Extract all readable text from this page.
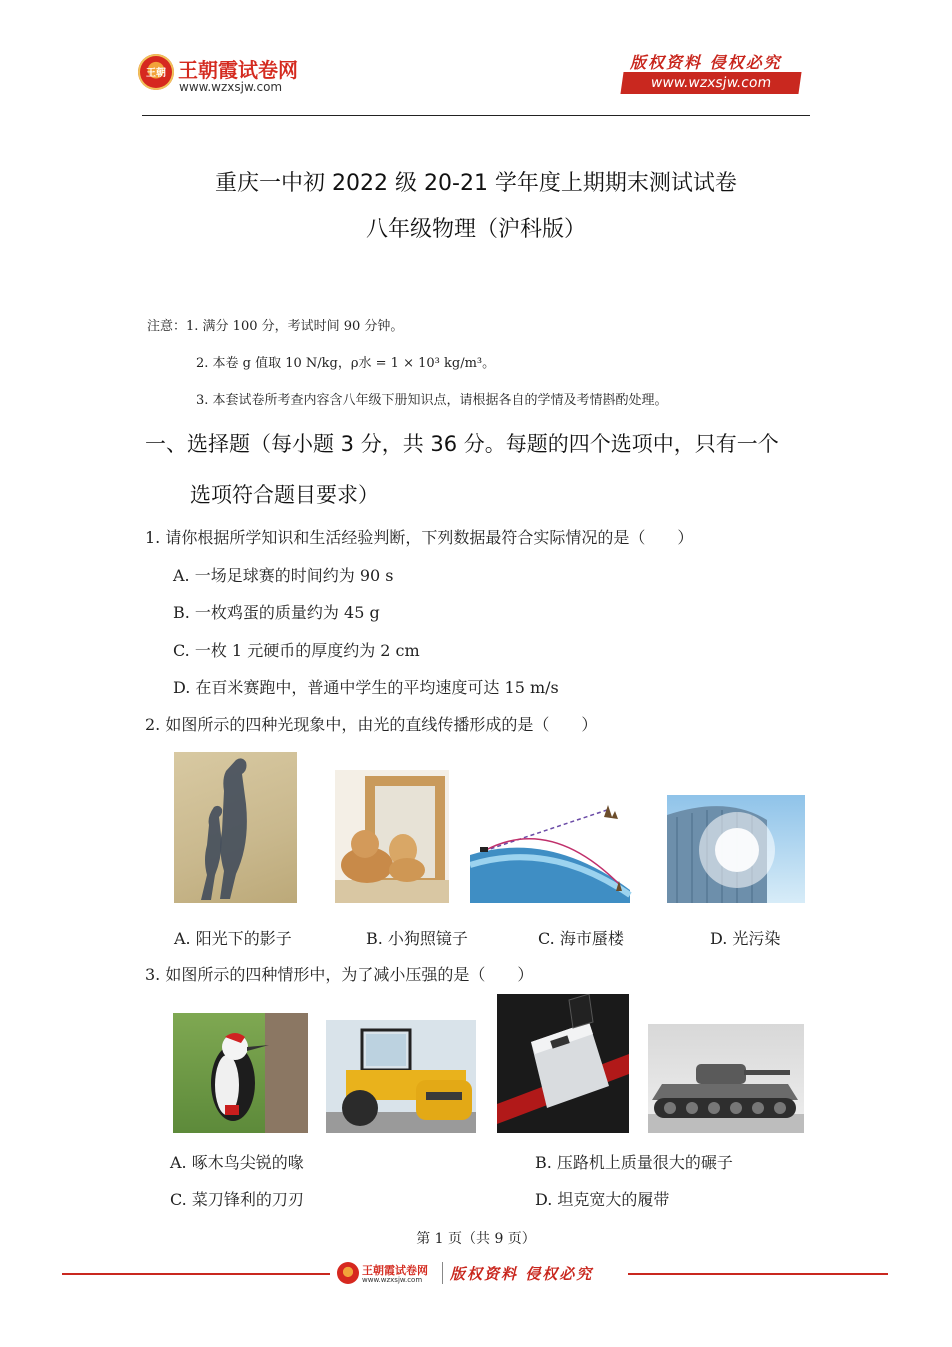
王朝 王朝霞试卷网
www.wzxsjw.com
版权资料 侵权必究
www.wzxsjw.com
重庆一中初 2022 级 20-21 学年度上期期末测试试卷
八年级物理（沪科版）
注意：1. 满分 100 分，考试时间 90 分钟。
2. 本卷 g 值取 10 N/kg，ρ水 = 1 × 10³ kg/m³。
3. 本套试卷所考查内容含八年级下册知识点，请根据各自的学情及考情斟酌处理。
一、选择题（每小题 3 分，共 36 分。每题的四个选项中，只有一个
选项符合题目要求）
1. 请你根据所学知识和生活经验判断，下列数据最符合实际情况的是（　　）
A. 一场足球赛的时间约为 90 s
B. 一枚鸡蛋的质量约为 45 g
C. 一枚 1 元硬币的厚度约为 2 cm
D. 在百米赛跑中，普通中学生的平均速度可达 15 m/s
2. 如图所示的四种光现象中，由光的直线传播形成的是（　　）
A. 阳光下的影子	B. 小狗照镜子	C. 海市蜃楼	D. 光污染
3. 如图所示的四种情形中，为了减小压强的是（　　）
A. 啄木鸟尖锐的喙	B. 压路机上质量很大的碾子
C. 菜刀锋利的刀刃	D. 坦克宽大的履带
第 1 页（共 9 页）
王朝霞试卷网
www.wzxsjw.com 版权资料 侵权必究
